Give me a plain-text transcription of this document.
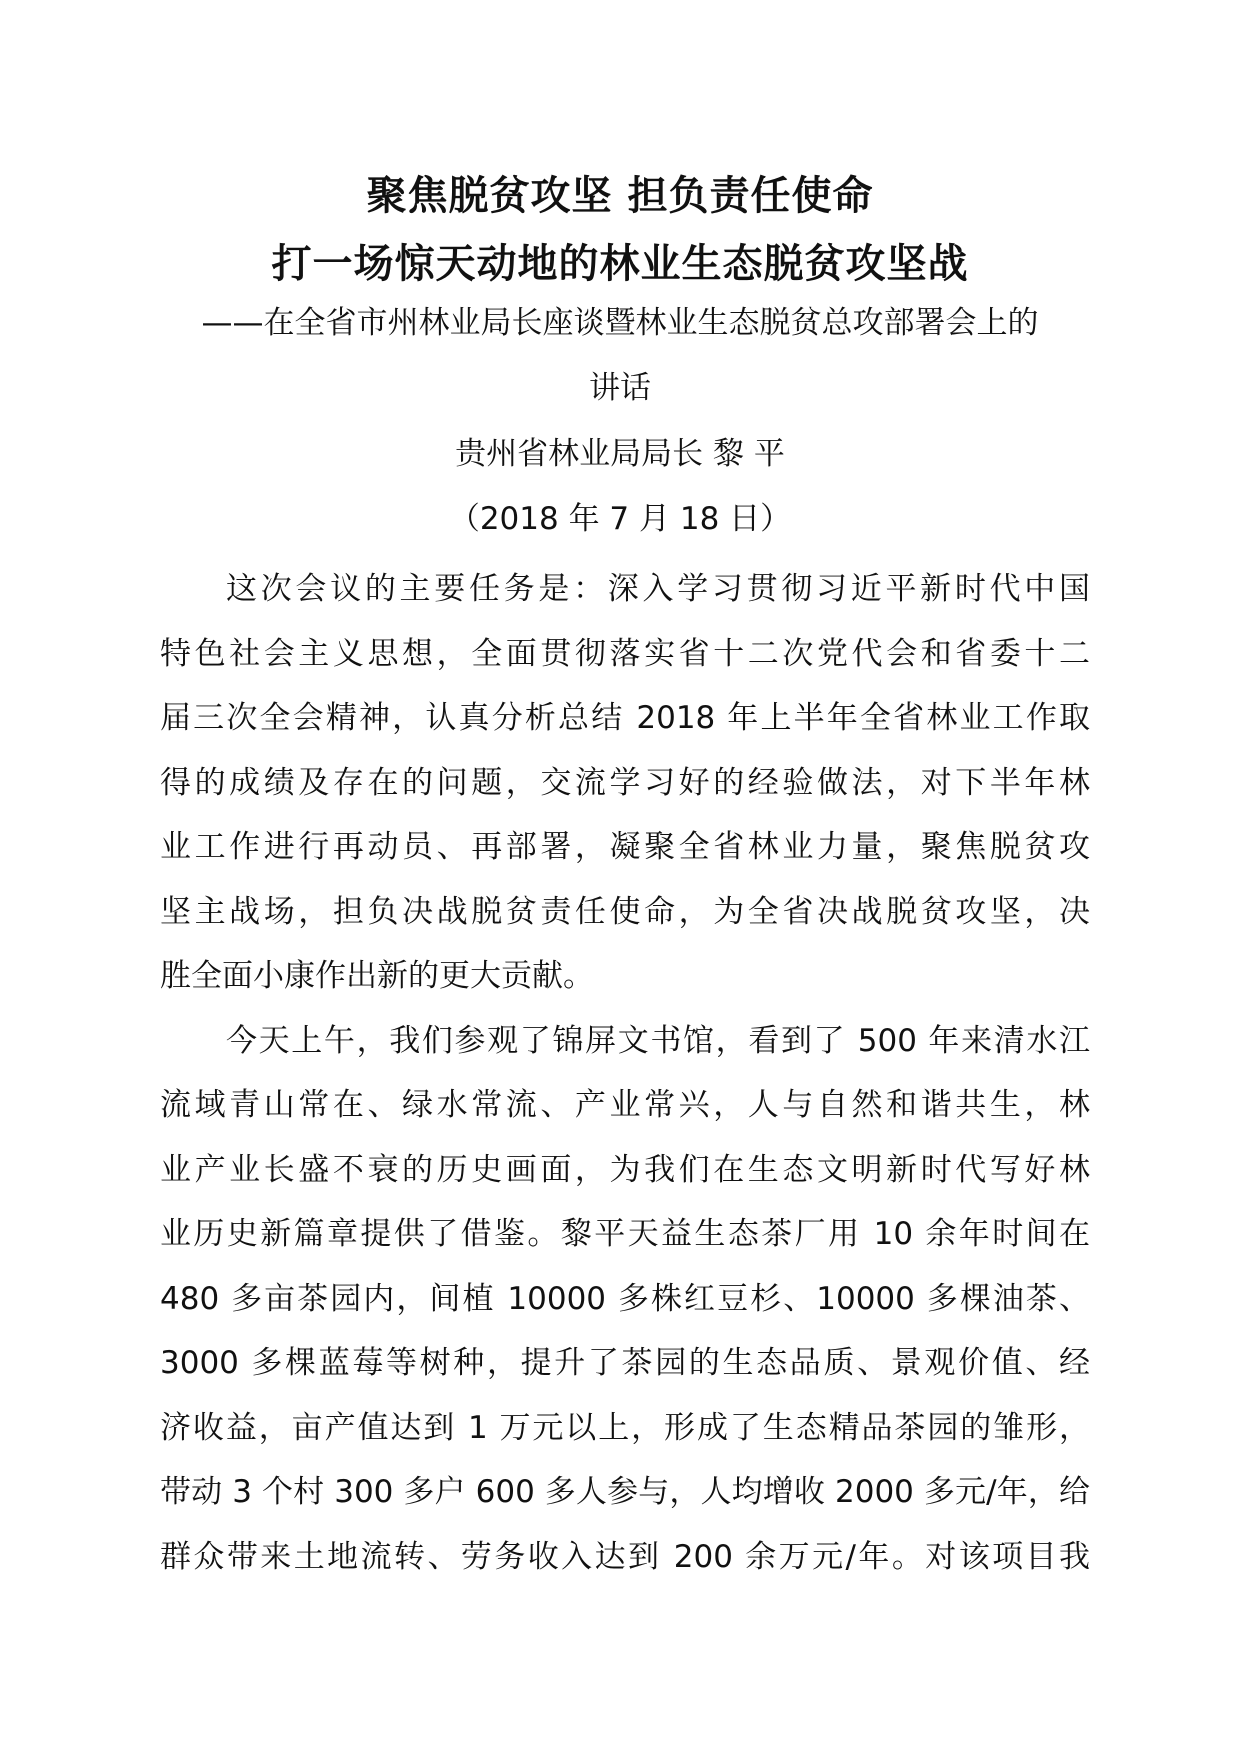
聚焦脱贫攻坚 担负责任使命
打一场惊天动地的林业生态脱贫攻坚战
——在全省市州林业局长座谈暨林业生态脱贫总攻部署会上的
讲话
贵州省林业局局长 黎 平
（2018 年 7 月 18 日）
这次会议的主要任务是：深入学习贯彻习近平新时代中国
特色社会主义思想，全面贯彻落实省十二次党代会和省委十二
届三次全会精神，认真分析总结 2018 年上半年全省林业工作取
得的成绩及存在的问题，交流学习好的经验做法，对下半年林
业工作进行再动员、再部署，凝聚全省林业力量，聚焦脱贫攻
坚主战场，担负决战脱贫责任使命，为全省决战脱贫攻坚，决
胜全面小康作出新的更大贡献。
今天上午，我们参观了锦屏文书馆，看到了 500 年来清水江
流域青山常在、绿水常流、产业常兴，人与自然和谐共生，林
业产业长盛不衰的历史画面，为我们在生态文明新时代写好林
业历史新篇章提供了借鉴。黎平天益生态茶厂用 10 余年时间在
480 多亩茶园内，间植 10000 多株红豆杉、10000 多棵油茶、
3000 多棵蓝莓等树种，提升了茶园的生态品质、景观价值、经
济收益，亩产值达到 1 万元以上，形成了生态精品茶园的雏形，
带动 3 个村 300 多户 600 多人参与，人均增收 2000 多元/年，给
群众带来土地流转、劳务收入达到 200 余万元/年。对该项目我
